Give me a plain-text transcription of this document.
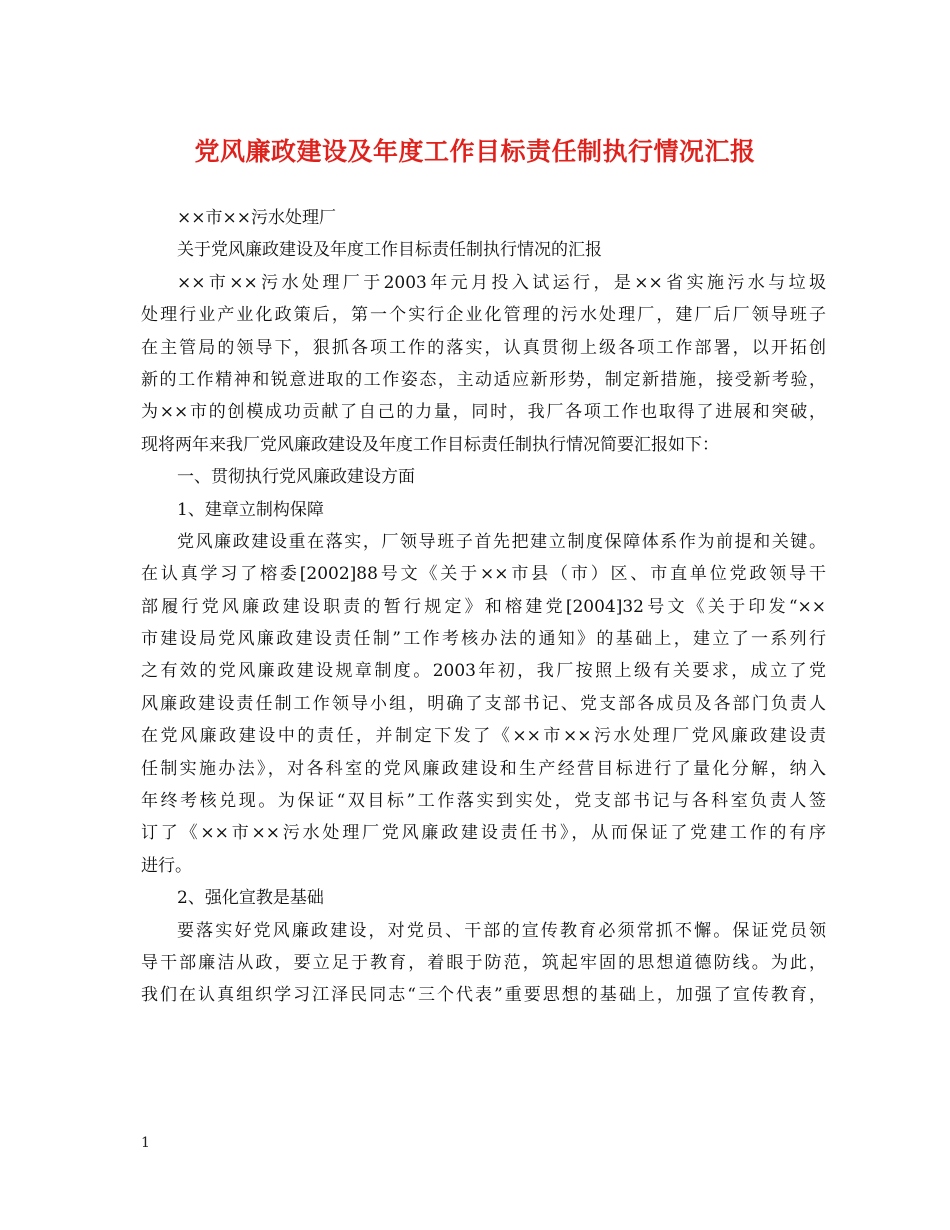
党风廉政建设及年度工作目标责任制执行情况汇报
××市××污水处理厂
关于党风廉政建设及年度工作目标责任制执行情况的汇报
××市××污水处理厂于2003年元月投入试运行，是××省实施污水与垃圾
处理行业产业化政策后，第一个实行企业化管理的污水处理厂，建厂后厂领导班子
在主管局的领导下，狠抓各项工作的落实，认真贯彻上级各项工作部署，以开拓创
新的工作精神和锐意进取的工作姿态，主动适应新形势，制定新措施，接受新考验，
为××市的创模成功贡献了自己的力量，同时，我厂各项工作也取得了进展和突破，
现将两年来我厂党风廉政建设及年度工作目标责任制执行情况简要汇报如下：
一、贯彻执行党风廉政建设方面
1、建章立制构保障
党风廉政建设重在落实，厂领导班子首先把建立制度保障体系作为前提和关键。
在认真学习了榕委[2002]88号文《关于××市县（市）区、市直单位党政领导干
部履行党风廉政建设职责的暂行规定》和榕建党[2004]32号文《关于印发“××
市建设局党风廉政建设责任制”工作考核办法的通知》的基础上，建立了一系列行
之有效的党风廉政建设规章制度。2003年初，我厂按照上级有关要求，成立了党
风廉政建设责任制工作领导小组，明确了支部书记、党支部各成员及各部门负责人
在党风廉政建设中的责任，并制定下发了《××市××污水处理厂党风廉政建设责
任制实施办法》，对各科室的党风廉政建设和生产经营目标进行了量化分解，纳入
年终考核兑现。为保证“双目标”工作落实到实处，党支部书记与各科室负责人签
订了《××市××污水处理厂党风廉政建设责任书》，从而保证了党建工作的有序
进行。
2、强化宣教是基础
要落实好党风廉政建设，对党员、干部的宣传教育必须常抓不懈。保证党员领
导干部廉洁从政，要立足于教育，着眼于防范，筑起牢固的思想道德防线。为此，
我们在认真组织学习江泽民同志“三个代表”重要思想的基础上，加强了宣传教育，
1
